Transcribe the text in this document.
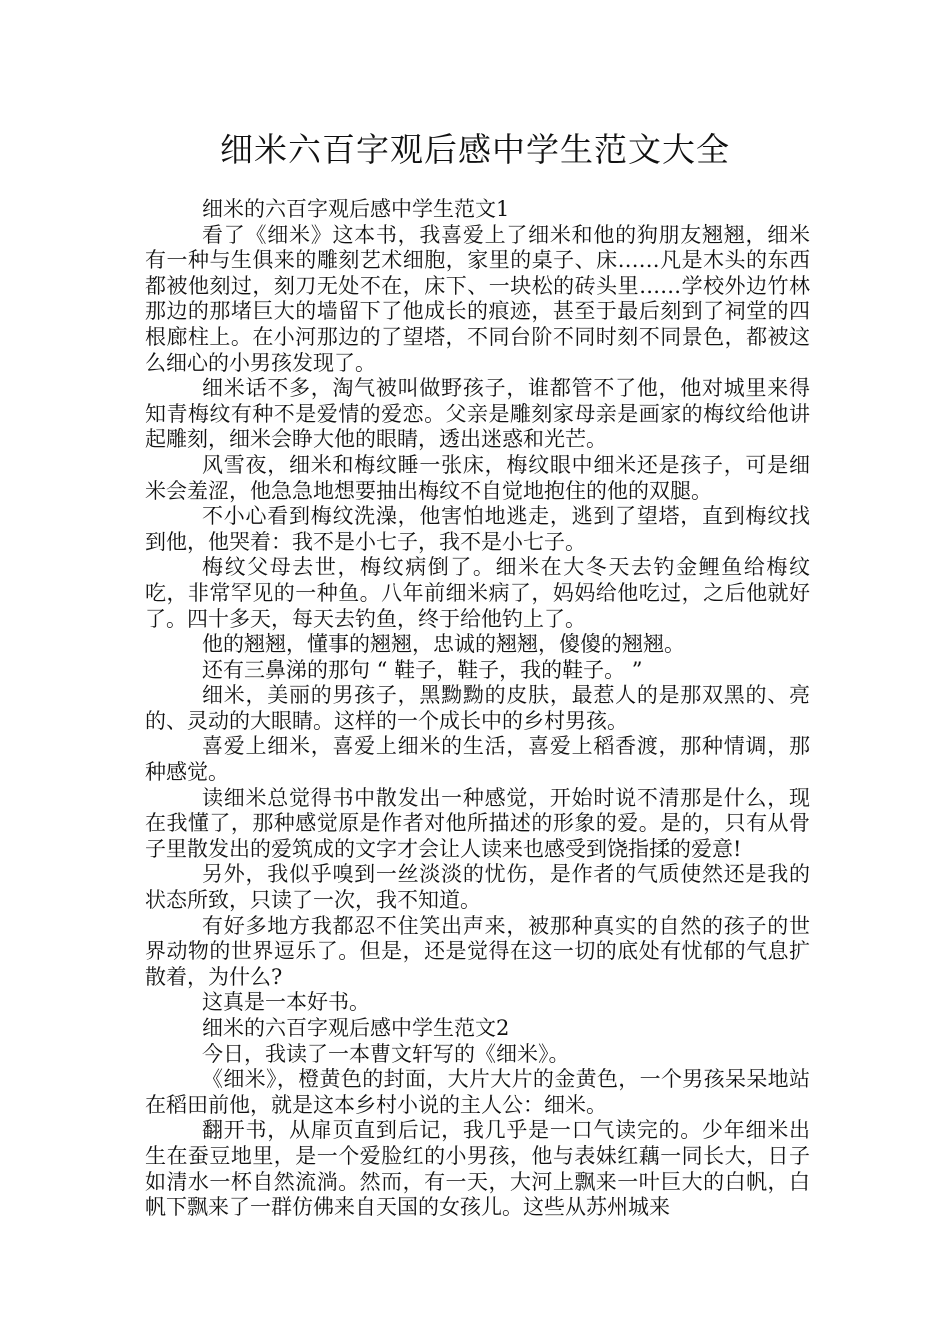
细米六百字观后感中学生范文大全

细米的六百字观后感中学生范文1

看了《细米》这本书，我喜爱上了细米和他的狗朋友翘翘，细米有一种与生俱来的雕刻艺术细胞，家里的桌子、床……凡是木头的东西都被他刻过，刻刀无处不在，床下、一块松的砖头里……学校外边竹林那边的那堵巨大的墙留下了他成长的痕迹，甚至于最后刻到了祠堂的四根廊柱上。在小河那边的了望塔，不同台阶不同时刻不同景色，都被这么细心的小男孩发现了。

细米话不多，淘气被叫做野孩子，谁都管不了他，他对城里来得知青梅纹有种不是爱情的爱恋。父亲是雕刻家母亲是画家的梅纹给他讲起雕刻，细米会睁大他的眼睛，透出迷惑和光芒。

风雪夜，细米和梅纹睡一张床，梅纹眼中细米还是孩子，可是细米会羞涩，他急急地想要抽出梅纹不自觉地抱住的他的双腿。

不小心看到梅纹洗澡，他害怕地逃走，逃到了望塔，直到梅纹找到他，他哭着：我不是小七子，我不是小七子。

梅纹父母去世，梅纹病倒了。细米在大冬天去钓金鲤鱼给梅纹吃，非常罕见的一种鱼。八年前细米病了，妈妈给他吃过，之后他就好了。四十多天，每天去钓鱼，终于给他钓上了。

他的翘翘，懂事的翘翘，忠诚的翘翘，傻傻的翘翘。

还有三鼻涕的那句 “ 鞋子，鞋子，我的鞋子。 ”

细米，美丽的男孩子，黑黝黝的皮肤，最惹人的是那双黑的、亮的、灵动的大眼睛。这样的一个成长中的乡村男孩。

喜爱上细米，喜爱上细米的生活，喜爱上稻香渡，那种情调，那种感觉。

读细米总觉得书中散发出一种感觉，开始时说不清那是什么，现在我懂了，那种感觉原是作者对他所描述的形象的爱。是的，只有从骨子里散发出的爱筑成的文字才会让人读来也感受到饶指揉的爱意!

另外，我似乎嗅到一丝淡淡的忧伤，是作者的气质使然还是我的状态所致，只读了一次，我不知道。

有好多地方我都忍不住笑出声来，被那种真实的自然的孩子的世界动物的世界逗乐了。但是，还是觉得在这一切的底处有忧郁的气息扩散着，为什么?

这真是一本好书。

细米的六百字观后感中学生范文2

今日，我读了一本曹文轩写的《细米》。

《细米》，橙黄色的封面，大片大片的金黄色，一个男孩呆呆地站在稻田前他，就是这本乡村小说的主人公：细米。

翻开书，从扉页直到后记，我几乎是一口气读完的。少年细米出生在蚕豆地里，是一个爱脸红的小男孩，他与表妹红藕一同长大，日子如清水一杯自然流淌。然而，有一天，大河上飘来一叶巨大的白帆，白帆下飘来了一群仿佛来自天国的女孩儿。这些从苏州城来
